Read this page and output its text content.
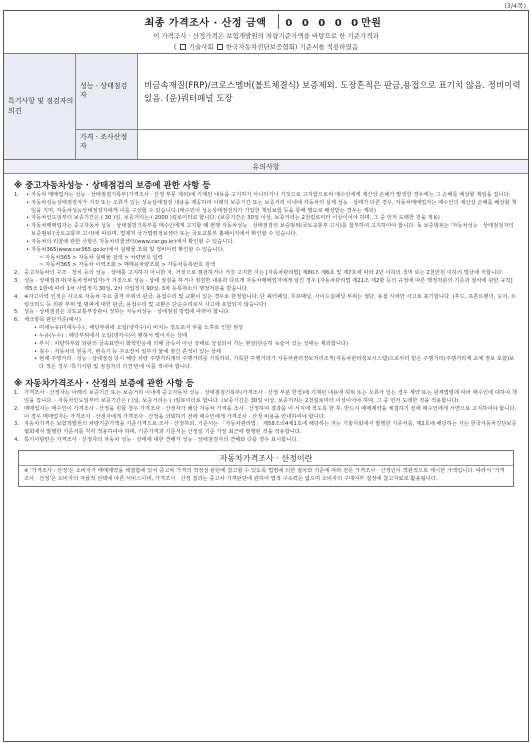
(3/4쪽)
최종 가격조사 · 산정 금액 0 0 0 0 0만원
이 가격조사 · 산정가격은 보험개발원의 차량기준가액을 바탕으로 한 기준가격과
( 기술사회 한국자동차진단보증협회) 기준서를 적용하였음
특기사항 및 점검자의 의견
성능 · 상태점검자
비금속재질(FRP)/크로스멤버(볼트체결식) 보증제외. 도장흔적은 판금,용접으로 표기치 않음. 정비이력있음. (운)쿼터패널 도장
가격 · 조사산정자
유의사항
※ 중고자동차성능 · 상태점검의 보증에 관한 사항 등
1.	• 자동차 매매업자는 성능 · 상태점검기록부(가격조사 · 산정 부문 제외)에 기재된 내용을 고지하지 아니하거나 거짓으로 고지함으로써 매수인에게 재산상 손해가 발생한 경우에는 그 손해를 배상할 책임을 집니다.
• 자동차성능상태점검자가 거짓 또는 오류가 있는 성능상태점검 내용을 제공하여 아래의 보증기간 또는 보증거리 이내에 자동차의 실제 성능 · 상태가 다른 경우, 자동차매매업자는 매수인의 재산상 손해를 배상할 책임을 지며, 자동차성능상태점검자에게 이를 구상할 수 있습니다.(매수인이 성능상태점검자가 가입한 책임보험 등을 통해 별도로 배상받는 경우는 제외)
• 자동차인도일부터 보증기간은 ( 30 )일, 보증거리는 ( 2000 )킬로미터로 합니다. (보증기간은 30일 이상, 보증거리는 2천킬로미터 이상이어야 하며, 그 중 먼저 도래한 것을 적용)
• 자동차매매업자는 중고자동차 성능 · 상태점검기록부를 매수인에게 고지할 때 현행 자동차성능 · 상태점검의 보증범위(국토교통부 고시)를 첨부하여 고지하여야 합니다. 동 보증범위는 '자동차성능 · 상태점검자의 보증범위'(국토교통부 고시)에 따르며, 법제처 국가법령정보센터 또는 국토교통부 홈페이지에서 확인할 수 있습니다.
• 자동차의 리콜에 관한 사항은 자동차리콜센터(www.car.go.kr)에서 확인할 수 있습니다.
• 자동차365(www.car365.go.kr)에서 실매물 조회 및 정비이력 확인할 수 있습니다.
~ 자동차365 > 자동차 실매물 검색 > 차량번호 입력
~ 자동차365 > 자동차 이력조회 > 매매용차량조회 > 자동차등록번호 검색
2. 중고자동차의 구조 · 장치 등의 성능 · 상태를 고지하지 아니한 자, 거짓으로 점검하거나 거짓 고지한 자는 [자동차관리법] 제80조 제6호 및 제7호에 따라 2년 이하의 징역 또는 2천만원 이하의 벌금에 처합니다.
3. 성능 · 상태점검자(자동차정비업자)가 거짓으로 성능 · 상태 점검을 하거나 점검한 내용과 다르게 자동차매매업자에게 알린 경우 [자동차관리법 제21조 제2항 등의 규정에 따른 행정처분의 기준과 절차에 관한 규칙] 제5조 1항에 따라 1차 사업정지 30일, 2차 사업정지 90일, 3차 등록취소의 행정처분을 받습니다.
4. ※사고이력 인정은 사고로 자동차 주요 골격 부위의 판금, 용접수리 및 교환이 있는 경우로 한정합니다. 단 쿼터패널, 루프패널, 사이드실패널 부위는 절단, 용접 시에만 사고로 표기합니다. (후드, 프론트펜더, 도어, 트렁크리드 등 외판 부위 및 범퍼에 대한 판금, 용접수리 및 교환은 단순수리로서 사고에 포함되지 않습니다)
5. 성능 · 상태점검은 국토교통부장관이 정하는 자동차성능 · 상태점검 방법에 따라야 합니다.
6. 체크항목 판단기준(예시)
• 미세누유(미세누수) : 해당부위에 오일(냉각수)이 비치는 정도로서 부품 노후로 인한 현상
• 누유(누수) : 해당부위에서 오일(냉각수)이 맺혀서 떨어지는 상태
• 부식 : 차량하부와 외판의 금속표면이 화학반응에 의해 금속이 아닌 상태로 상실되어 가는 현상(단순히 녹슬어 있는 상태는 제외합니다)
• 침수 : 자동차의 원동기, 변속기 등 주요장치 일부가 물에 잠긴 흔적이 있는 상태
• 현재 주행거리 : 성능 · 상태점검 당시 해당 차량 주행거리계의 주행거리를 기록하되, 기록한 주행거리가 자동차관리정보처리조직(자동차관리정보시스템)으로부터 받은 주행거리(주행거리계 교체 정보 포함)보다 적은 경우 '특기사항 및 점검자의 의견'란에 이를 적어야 합니다.
※ 자동차가격조사 · 산정의 보증에 관한 사항 등
1. 가격조사 · 산정자는 아래의 보증기간 또는 보증거리 이내에 중고자동차 성능 · 상태점검기록부(가격조사 · 산정 부분 한정)에 기재된 내용에 허위 또는 오류가 있는 경우 계약 또는 관계법령에 따라 매수인에 대하여 책임을 집니다. · 자동차인도일부터 보증기간은 ( )일, 보증거리는 ( )킬로미터로 합니다. (보증기간은 30일 이상, 보증거리는 2천킬로미터 이상이어야 하며, 그 중 먼저 도래한 것을 적용합니다)
2. 매매업자는 매수인이 가격조사 · 산정을 원할 경우 가격조사 · 산정자가 해당 자동차 가격을 조사 · 산정하여 결과를 이 서식에 적도록 한 후, 반드시 매매계약을 체결하기 전에 매수인에게 서면으로 고지하여야 합니다. 이 경우 매매업자는 가격조사 · 산정자에게 가격조사 · 산정을 의뢰하기 전에 매수인에게 가격조사 · 산정 비용을 안내하여야 합니다.
3. 자동차가격은 보험개발원의 차량기준가액을 기준가격으로 조사 · 산정하되, 기준서는 「자동차관리법」 제58조의4제1호에 해당하는 자는 기술사회에서 발행한 기준서를, 제2호에 해당하는 자는 한국자동차진단보증협회에서 발행한 기준서를 각각 적용하여야 하며, 기준가격과 기준서는 산정일 기준 가장 최근에 발행된 것을 적용합니다.
4. 특기사항란은 가격조사 · 산정자의 자동차 성능 · 상태에 대한 견해가 성능 · 상태점검자의 견해와 다를 경우 표시합니다.
자동차가격조사 · 산정이란
※ '가격조사 · 산정'은 소비자가 매매계약을 체결함에 있어 중고차 가격의 적정성 판단에 참고할 수 있도록 법령에 의한 절차와 기준에 따라 전문 가격조사 · 산정인이 객관적으로 제시한 가액입니다. 따라서 '가격조사 · 산정'은 소비자의 자율적 선택에 따른 서비스이며, 가격조사 · 산정 결과는 중고차 가격판단에 관하여 법적 구속력은 없으며 소비자의 구매여부 결정에 참고자료로 활용됩니다.
